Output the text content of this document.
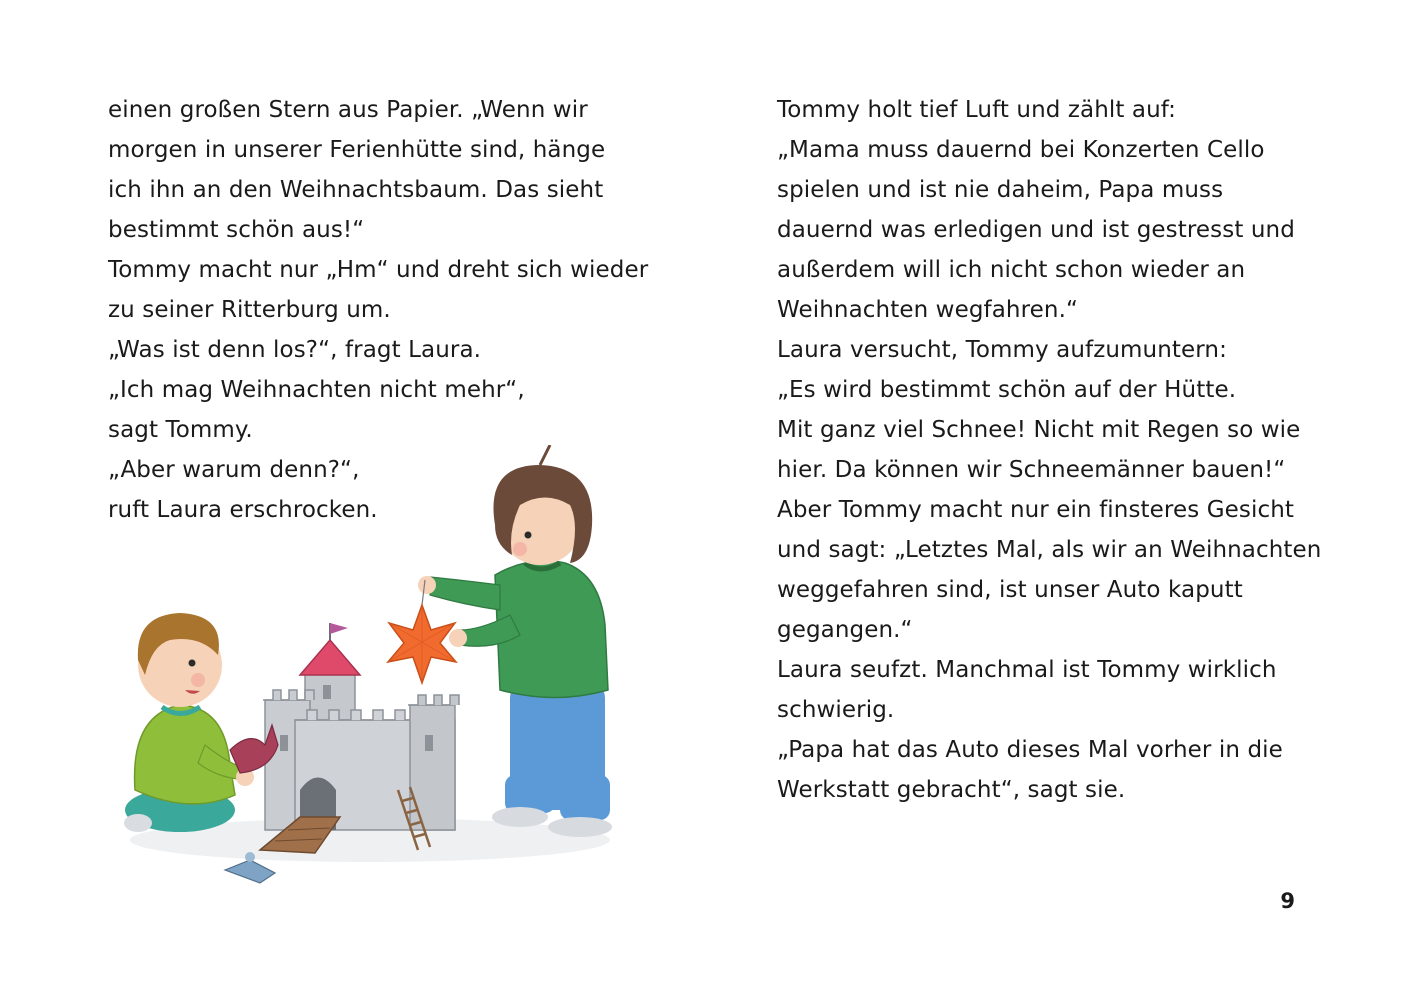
einen großen Stern aus Papier. „Wenn wir
morgen in unserer Ferienhütte sind, hänge
ich ihn an den Weihnachtsbaum. Das sieht
bestimmt schön aus!“
Tommy macht nur „Hm“ und dreht sich wieder
zu seiner Ritterburg um.
„Was ist denn los?“, fragt Laura.
„Ich mag Weihnachten nicht mehr“,
sagt Tommy.
„Aber warum denn?“,
ruft Laura erschrocken.
Tommy holt tief Luft und zählt auf:
„Mama muss dauernd bei Konzerten Cello
spielen und ist nie daheim, Papa muss
dauernd was erledigen und ist gestresst und
außerdem will ich nicht schon wieder an
Weihnachten wegfahren.“
Laura versucht, Tommy aufzumuntern:
„Es wird bestimmt schön auf der Hütte.
Mit ganz viel Schnee! Nicht mit Regen so wie
hier. Da können wir Schneemänner bauen!“
Aber Tommy macht nur ein finsteres Gesicht
und sagt: „Letztes Mal, als wir an Weihnachten
weggefahren sind, ist unser Auto kaputt
gegangen.“
Laura seufzt. Manchmal ist Tommy wirklich
schwierig.
„Papa hat das Auto dieses Mal vorher in die
Werkstatt gebracht“, sagt sie.
9
